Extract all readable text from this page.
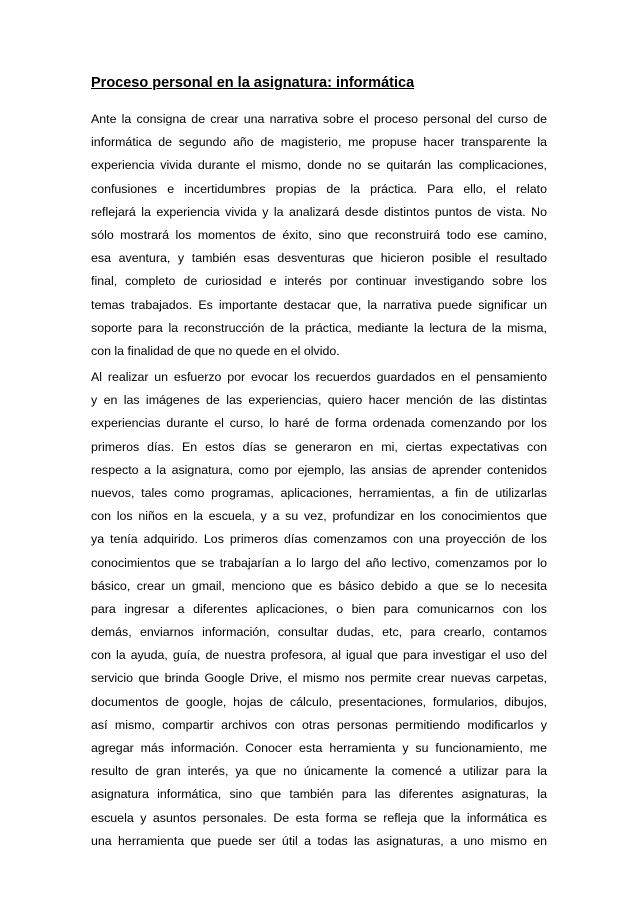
Proceso personal en la asignatura: informática
Ante la consigna de crear una narrativa sobre el proceso personal del curso de
informática de segundo año de magisterio, me propuse hacer transparente la
experiencia vivida durante el mismo, donde no se quitarán las complicaciones,
confusiones e incertidumbres propias de la práctica. Para ello, el relato
reflejará la experiencia vivida y la analizará desde distintos puntos de vista. No
sólo mostrará los momentos de éxito, sino que reconstruirá todo ese camino,
esa aventura, y también esas desventuras que hicieron posible el resultado
final, completo de curiosidad e interés por continuar investigando sobre los
temas trabajados. Es importante destacar que, la narrativa puede significar un
soporte para la reconstrucción de la práctica, mediante la lectura de la misma,
con la finalidad de que no quede en el olvido.
Al realizar un esfuerzo por evocar los recuerdos guardados en el pensamiento
y en las imágenes de las experiencias, quiero hacer mención de las distintas
experiencias durante el curso, lo haré de forma ordenada comenzando por los
primeros días. En estos días se generaron en mi, ciertas expectativas con
respecto a la asignatura, como por ejemplo, las ansias de aprender contenidos
nuevos, tales como programas, aplicaciones, herramientas, a fin de utilizarlas
con los niños en la escuela, y a su vez, profundizar en los conocimientos que
ya tenía adquirido. Los primeros días comenzamos con una proyección de los
conocimientos que se trabajarían a lo largo del año lectivo, comenzamos por lo
básico, crear un gmail, menciono que es básico debido a que se lo necesita
para ingresar a diferentes aplicaciones, o bien para comunicarnos con los
demás, enviarnos información, consultar dudas, etc, para crearlo, contamos
con la ayuda, guía, de nuestra profesora, al igual que para investigar el uso del
servicio que brinda Google Drive, el mismo nos permite crear nuevas carpetas,
documentos de google, hojas de cálculo, presentaciones, formularios, dibujos,
así mismo, compartir archivos con otras personas permitiendo modificarlos y
agregar más información. Conocer esta herramienta y su funcionamiento, me
resulto de gran interés, ya que no únicamente la comencé a utilizar para la
asignatura informática, sino que también para las diferentes asignaturas, la
escuela y asuntos personales. De esta forma se refleja que la informática es
una herramienta que puede ser útil a todas las asignaturas, a uno mismo en
